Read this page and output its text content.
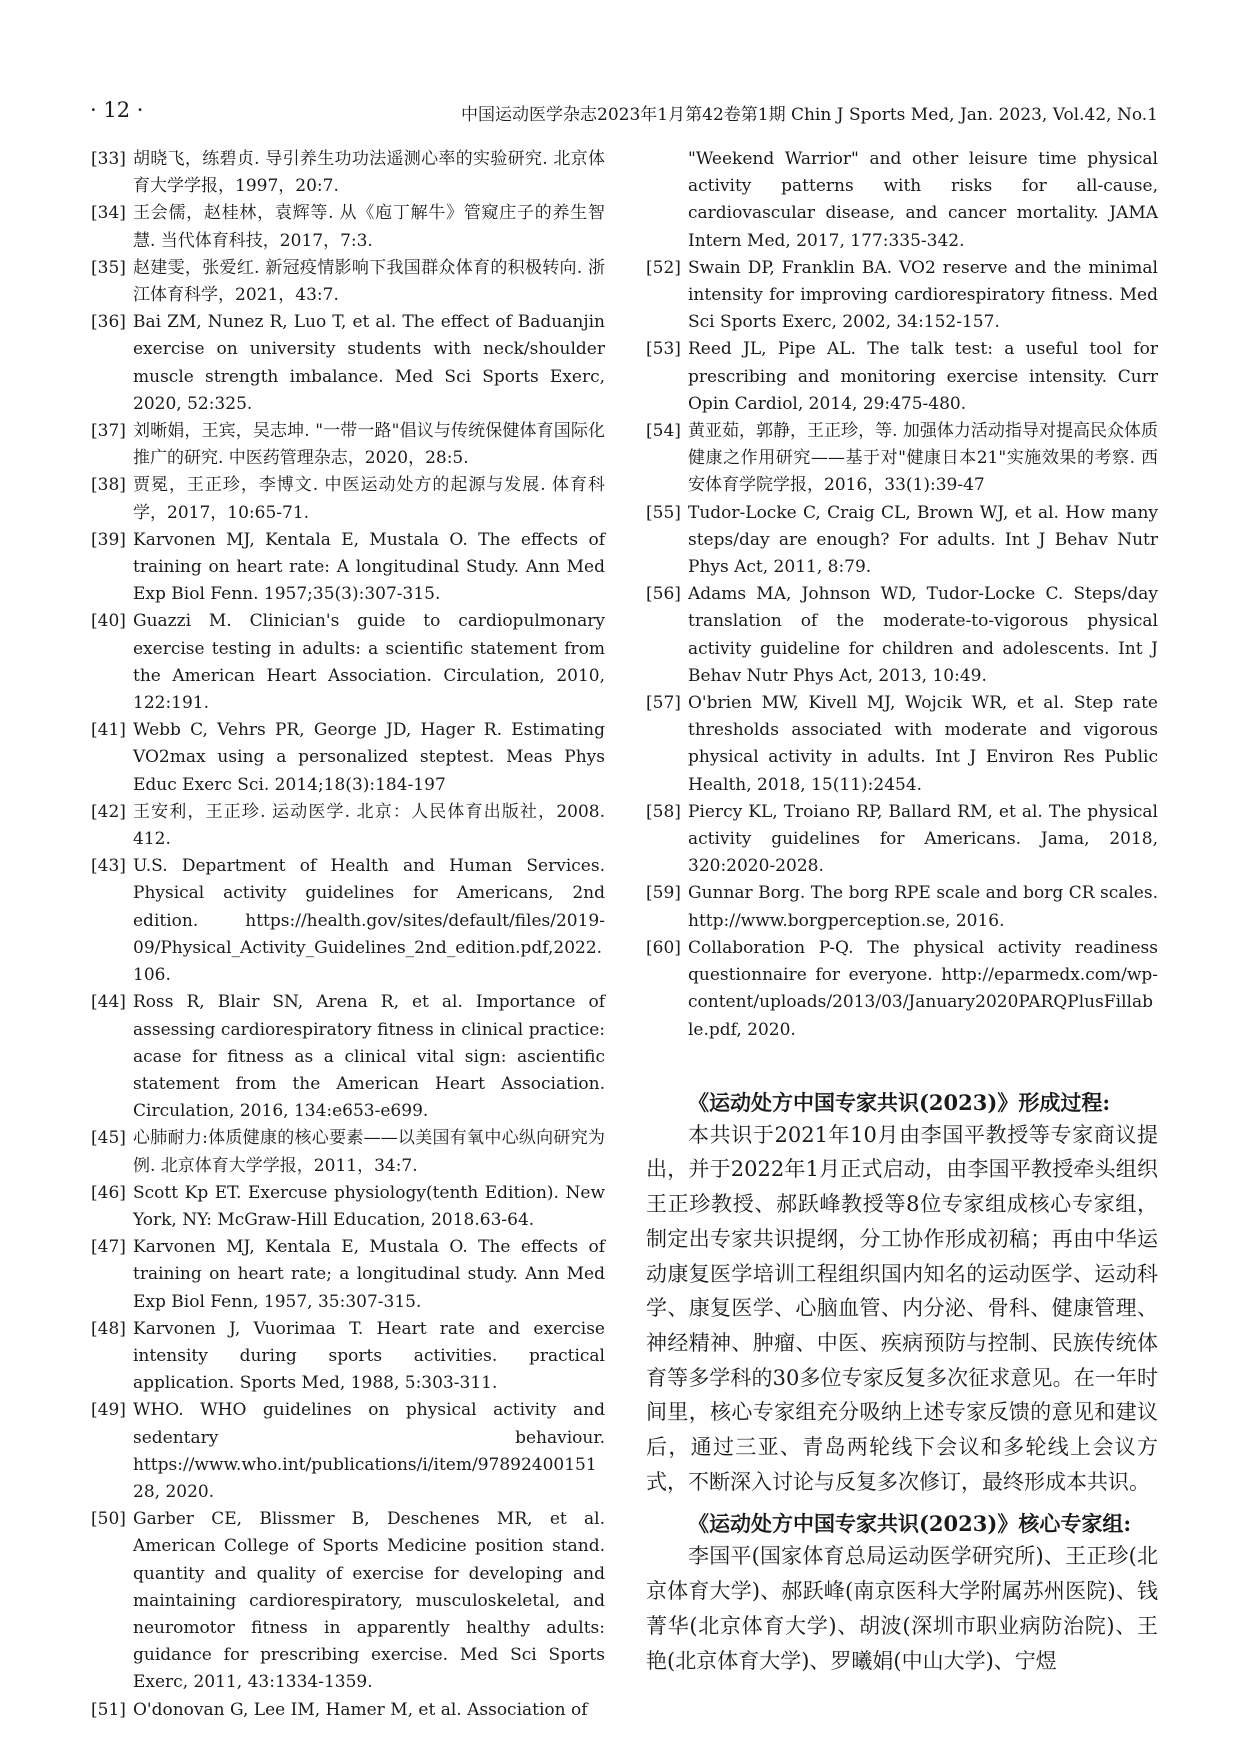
· 12 ·	中国运动医学杂志2023年1月第42卷第1期 Chin J Sports Med, Jan. 2023, Vol.42, No.1
[33] 胡晓飞，练碧贞. 导引养生功功法遥测心率的实验研究. 北京体育大学学报，1997，20:7.
[34] 王会儒，赵桂林，袁辉等. 从《庖丁解牛》管窥庄子的养生智慧. 当代体育科技，2017，7:3.
[35] 赵建雯，张爱红. 新冠疫情影响下我国群众体育的积极转向. 浙江体育科学，2021，43:7.
[36] Bai ZM, Nunez R, Luo T, et al. The effect of Baduanjin exercise on university students with neck/shoulder muscle strength imbalance. Med Sci Sports Exerc, 2020, 52:325.
[37] 刘晰娟，王宾，吴志坤. "一带一路"倡议与传统保健体育国际化推广的研究. 中医药管理杂志，2020，28:5.
[38] 贾冕，王正珍，李博文. 中医运动处方的起源与发展. 体育科学，2017，10:65-71.
[39] Karvonen MJ, Kentala E, Mustala O. The effects of training on heart rate: A longitudinal Study. Ann Med Exp Biol Fenn. 1957;35(3):307-315.
[40] Guazzi M. Clinician's guide to cardiopulmonary exercise testing in adults: a scientific statement from the American Heart Association. Circulation, 2010, 122:191.
[41] Webb C, Vehrs PR, George JD, Hager R. Estimating VO2max using a personalized steptest. Meas Phys Educ Exerc Sci. 2014;18(3):184-197
[42] 王安利，王正珍. 运动医学. 北京：人民体育出版社，2008. 412.
[43] U.S. Department of Health and Human Services. Physical activity guidelines for Americans, 2nd edition. https://health.gov/sites/default/files/2019- 09/Physical_Activity_Guidelines_2nd_edition.pdf,2022. 106.
[44] Ross R, Blair SN, Arena R, et al. Importance of assessing cardiorespiratory fitness in clinical practice: acase for fitness as a clinical vital sign: ascientific statement from the American Heart Association. Circulation, 2016, 134:e653-e699.
[45] 心肺耐力:体质健康的核心要素——以美国有氧中心纵向研究为例. 北京体育大学学报，2011，34:7.
[46] Scott Kp ET. Exercuse physiology(tenth Edition). New York, NY: McGraw-Hill Education, 2018.63-64.
[47] Karvonen MJ, Kentala E, Mustala O. The effects of training on heart rate; a longitudinal study. Ann Med Exp Biol Fenn, 1957, 35:307-315.
[48] Karvonen J, Vuorimaa T. Heart rate and exercise intensity during sports activities. practical application. Sports Med, 1988, 5:303-311.
[49] WHO. WHO guidelines on physical activity and sedentary behaviour. https://www.who.int/publications/i/item/9789240015128, 2020.
[50] Garber CE, Blissmer B, Deschenes MR, et al. American College of Sports Medicine position stand. quantity and quality of exercise for developing and maintaining cardiorespiratory, musculoskeletal, and neuromotor fitness in apparently healthy adults: guidance for prescribing exercise. Med Sci Sports Exerc, 2011, 43:1334-1359.
[51] O'donovan G, Lee IM, Hamer M, et al. Association of
"Weekend Warrior" and other leisure time physical activity patterns with risks for all-cause, cardiovascular disease, and cancer mortality. JAMA Intern Med, 2017, 177:335-342.
[52] Swain DP, Franklin BA. VO2 reserve and the minimal intensity for improving cardiorespiratory fitness. Med Sci Sports Exerc, 2002, 34:152-157.
[53] Reed JL, Pipe AL. The talk test: a useful tool for prescribing and monitoring exercise intensity. Curr Opin Cardiol, 2014, 29:475-480.
[54] 黄亚茹，郭静，王正珍，等. 加强体力活动指导对提高民众体质健康之作用研究——基于对"健康日本21"实施效果的考察. 西安体育学院学报，2016，33(1):39-47
[55] Tudor-Locke C, Craig CL, Brown WJ, et al. How many steps/day are enough? For adults. Int J Behav Nutr Phys Act, 2011, 8:79.
[56] Adams MA, Johnson WD, Tudor-Locke C. Steps/day translation of the moderate-to-vigorous physical activity guideline for children and adolescents. Int J Behav Nutr Phys Act, 2013, 10:49.
[57] O'brien MW, Kivell MJ, Wojcik WR, et al. Step rate thresholds associated with moderate and vigorous physical activity in adults. Int J Environ Res Public Health, 2018, 15(11):2454.
[58] Piercy KL, Troiano RP, Ballard RM, et al. The physical activity guidelines for Americans. Jama, 2018, 320:2020-2028.
[59] Gunnar Borg. The borg RPE scale and borg CR scales. http://www.borgperception.se, 2016.
[60] Collaboration P-Q. The physical activity readiness questionnaire for everyone. http://eparmedx.com/wp-content/uploads/2013/03/January2020PARQPlusFillable.pdf, 2020.
《运动处方中国专家共识(2023)》形成过程:
本共识于2021年10月由李国平教授等专家商议提出，并于2022年1月正式启动，由李国平教授牵头组织王正珍教授、郝跃峰教授等8位专家组成核心专家组，制定出专家共识提纲，分工协作形成初稿；再由中华运动康复医学培训工程组织国内知名的运动医学、运动科学、康复医学、心脑血管、内分泌、骨科、健康管理、神经精神、肿瘤、中医、疾病预防与控制、民族传统体育等多学科的30多位专家反复多次征求意见。在一年时间里，核心专家组充分吸纳上述专家反馈的意见和建议后，通过三亚、青岛两轮线下会议和多轮线上会议方式，不断深入讨论与反复多次修订，最终形成本共识。
《运动处方中国专家共识(2023)》核心专家组:
李国平(国家体育总局运动医学研究所)、王正珍(北京体育大学)、郝跃峰(南京医科大学附属苏州医院)、钱菁华(北京体育大学)、胡波(深圳市职业病防治院)、王艳(北京体育大学)、罗曦娟(中山大学)、宁煜
